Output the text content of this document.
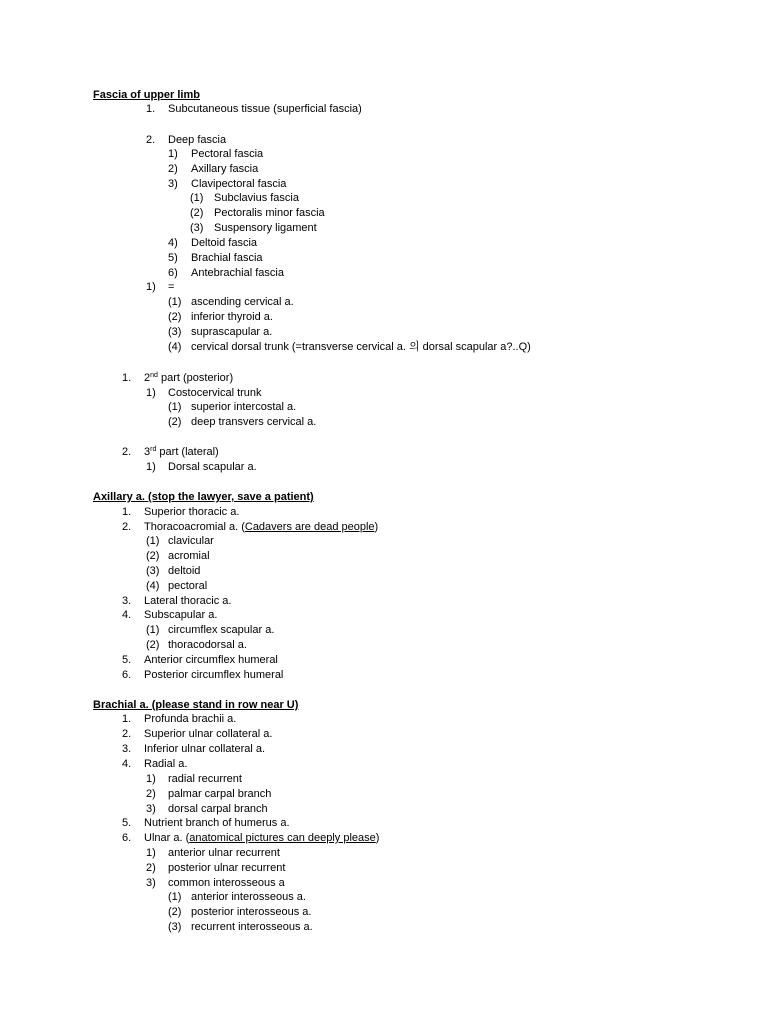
Fascia of upper limb
1. Subcutaneous tissue (superficial fascia)
2. Deep fascia
1) Pectoral fascia
2) Axillary fascia
3) Clavipectoral fascia
(1) Subclavius fascia
(2) Pectoralis minor fascia
(3) Suspensory ligament
4) Deltoid fascia
5) Brachial fascia
6) Antebrachial fascia
1) =
(1) ascending cervical a.
(2) inferior thyroid a.
(3) suprascapular a.
(4) cervical dorsal trunk (=transverse cervical a. 의 dorsal scapular a?..Q)
1. 2nd part (posterior)
1) Costocervical trunk
(1) superior intercostal a.
(2) deep transvers cervical a.
2. 3rd part (lateral)
1) Dorsal scapular a.
Axillary a. (stop the lawyer, save a patient)
1. Superior thoracic a.
2. Thoracoacromial a. (Cadavers are dead people)
(1) clavicular
(2) acromial
(3) deltoid
(4) pectoral
3. Lateral thoracic a.
4. Subscapular a.
(1) circumflex scapular a.
(2) thoracodorsal a.
5. Anterior circumflex humeral
6. Posterior circumflex humeral
Brachial a. (please stand in row near U)
1. Profunda brachii a.
2. Superior ulnar collateral a.
3. Inferior ulnar collateral a.
4. Radial a.
1) radial recurrent
2) palmar carpal branch
3) dorsal carpal branch
5. Nutrient branch of humerus a.
6. Ulnar a. (anatomical pictures can deeply please)
1) anterior ulnar recurrent
2) posterior ulnar recurrent
3) common interosseous a
(1) anterior interosseous a.
(2) posterior interosseous a.
(3) recurrent interosseous a.
